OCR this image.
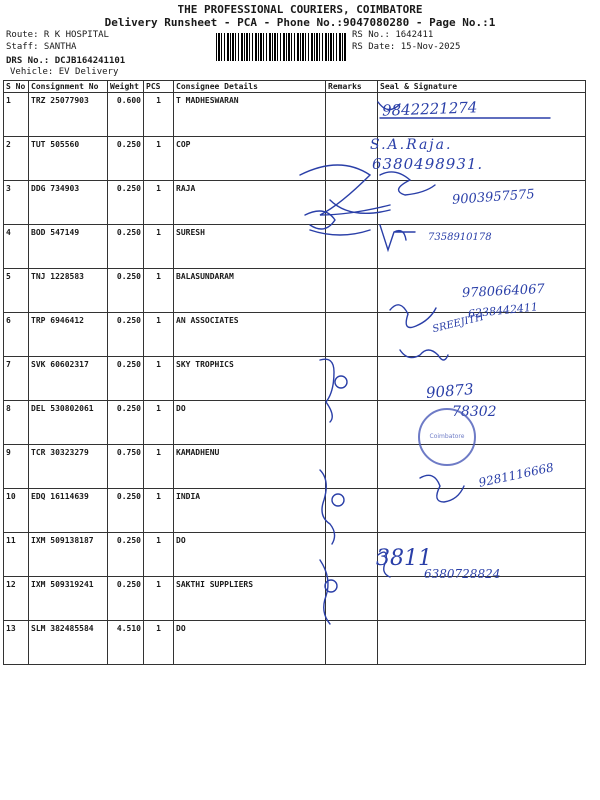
THE PROFESSIONAL COURIERS, COIMBATORE
Delivery Runsheet - PCA - Phone No.:9047080280 - Page No.:1
Route: R K HOSPITAL
Staff: SANTHA
DRS No.: DCJB164241101
Vehicle: EV Delivery
RS No.: 1642411
RS Date: 15-Nov-2025
S No	Consignment No	Weight	PCS	Consignee Details	Remarks	Seal & Signature
1	TRZ 25077903	0.600	1	T MADHESWARAN		
2	TUT 505560	0.250	1	COP		
3	DDG 734903	0.250	1	RAJA		
4	BOD 547149	0.250	1	SURESH		
5	TNJ 1228583	0.250	1	BALASUNDARAM		
6	TRP 6946412	0.250	1	AN ASSOCIATES		
7	SVK 60602317	0.250	1	SKY TROPHICS		
8	DEL 530802061	0.250	1	DO		
9	TCR 30323279	0.750	1	KAMADHENU		
10	EDQ 16114639	0.250	1	INDIA		
11	IXM 509138187	0.250	1	DO		
12	IXM 509319241	0.250	1	SAKTHI SUPPLIERS		
13	SLM 382485584	4.510	1	DO		
9842221274
S.A.Raja.
6380498931.
9003957575
7358910178
9780664067
SREEJITH
6238442411
90873
78302
9281116668
3811
6380728824
Coimbatore
